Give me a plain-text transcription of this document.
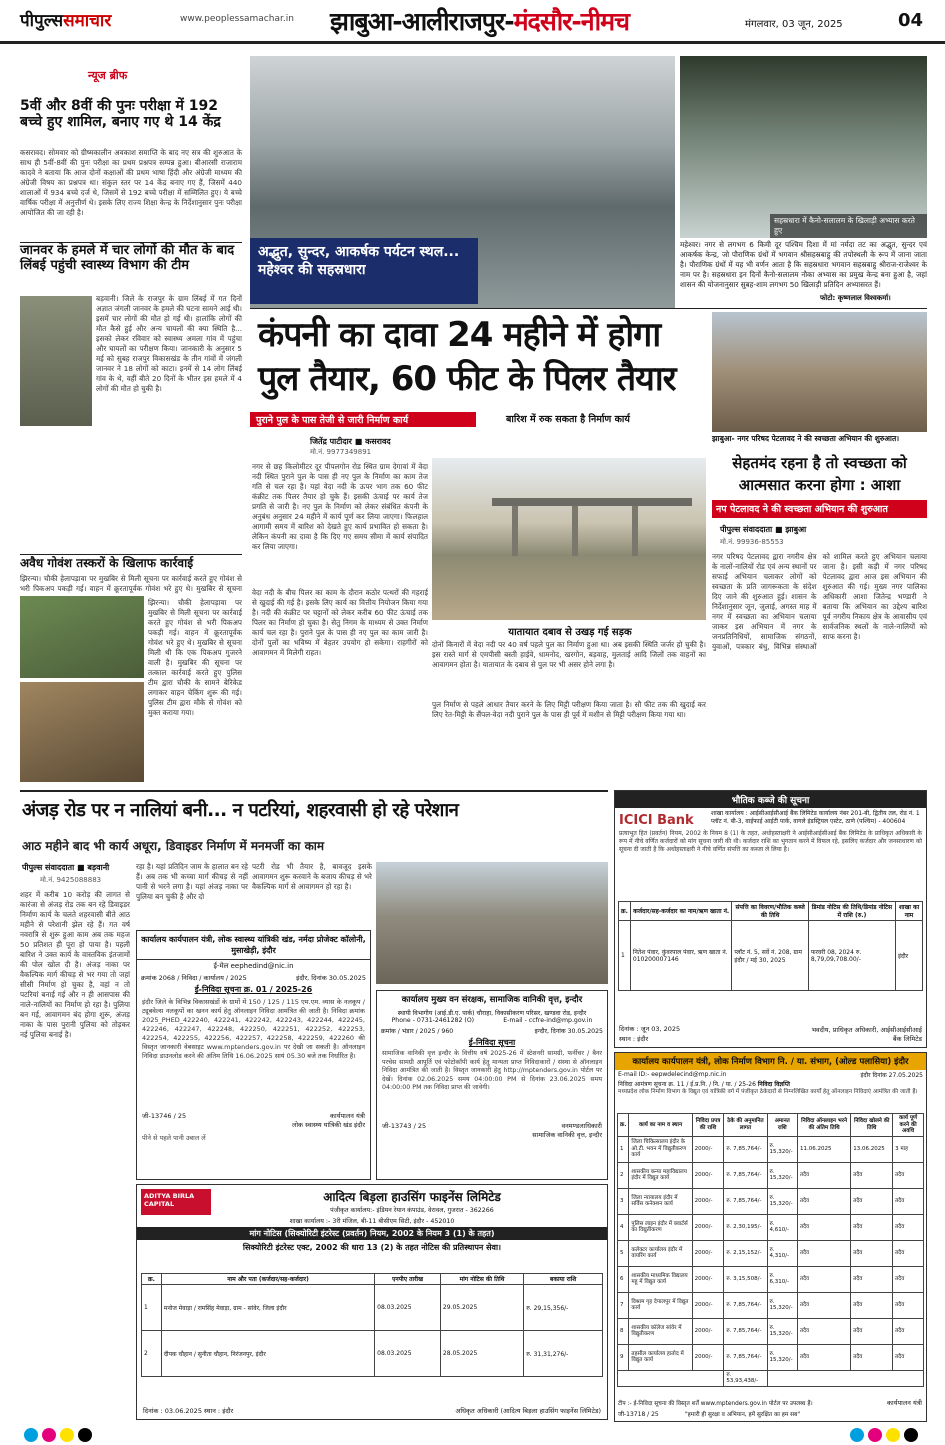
पीपुल्ससमाचार	www.peoplessamachar.in झाबुआ-आलीराजपुर-मंदसौर-नीमच	मंगलवार, 03 जून, 2025	04
न्यूज ब्रीफ
5वीं और 8वीं की पुनः परीक्षा में 192 बच्चे हुए शामिल, बनाए गए थे 14 केंद्र
कसरावद। सोमवार को ग्रीष्मकालीन अवकाश समाप्ति के बाद नए सत्र की शुरुआत के साथ ही 5वीं-8वीं की पुनः परीक्षा का प्रथम प्रश्नपत्र सम्पन्न हुआ। बीआरसी राजाराम कादवे ने बताया कि आज दोनों कक्षाओं की प्रथम भाषा हिंदी और अंग्रेजी माध्यम की अंग्रेजी विषय का प्रश्नपत्र था। संकुल स्तर पर 14 केंद्र बनाए गए हैं, जिसमें 440 शालाओं में 934 बच्चे दर्ज थे, जिसमें से 192 बच्चे परीक्षा में सम्मिलित हुए। ये बच्चे वार्षिक परीक्षा में अनुत्तीर्ण थे। इसके लिए राज्य शिक्षा केन्द्र के निर्देशानुसार पुनः परीक्षा आयोजित की जा रही है।
जानवर के हमले में चार लोगों की मौत के बाद लिंबई पहुंची स्वास्थ्य विभाग की टीम
बड़वानी। जिले के राजपुर के ग्राम लिंबई में गत दिनों अज्ञात जंगली जानवर के हमले की घटना सामने आई थी। इसमें चार लोगों की मौत हो गई थी। हालांकि लोगों की मौत कैसे हुई और अन्य चायलों की क्या स्थिति है... इसको लेकर रविवार को स्वास्थ्य अमला गांव में पहुंचा और घायलों का परीक्षण किया। जानकारी के अनुसार 5 मई को सुबह राजपुर विकासखंड के तीन गांवों में जंगली जानवर ने 18 लोगों को काटा। इनमें से 14 लोग लिंबई गांव के थे, वहीं बीते 20 दिनों के भीतर इस हमले में 4 लोगों की मौत हो चुकी है।
अवैध गोवंश तस्करों के खिलाफ कार्रवाई
झिरन्या। चौकी हेलापड़ावा पर मुखबिर से मिली सूचना पर कार्रवाई करते हुए गोवंश से भरी पिकअप पकड़ी गई। वाहन में क्रूरतापूर्वक गोवंश भरे हुए थे। मुखबिर से सूचना
झिरन्या। चौकी हेलापड़ावा पर मुखबिर से मिली सूचना पर कार्रवाई करते हुए गोवंश से भरी पिकअप पकड़ी गई। वाहन में क्रूरतापूर्वक गोवंश भरे हुए थे। मुखबिर से सूचना मिली थी कि एक पिकअप गुजरने वाली है। मुखबिर की सूचना पर तत्काल कार्रवाई करते हुए पुलिस टीम द्वारा चौकी के सामने बेरिकेड लगाकर वाहन चेकिंग शुरू की गई। पुलिस टीम द्वारा मौके से गोवंश को मुक्त कराया गया।
सहस्रधारा में कैनो-सलालम के खिलाड़ी अभ्यास करते हुए
अद्भुत, सुन्दर, आकर्षक पर्यटन स्थल... महेश्वर की सहस्रधारा
महेश्वर। नगर से लगभग 6 किमी दूर पश्चिम दिशा में मां नर्मदा तट का अद्भुत, सुन्दर एवं आकर्षक केन्द्र, जो पौराणिक ग्रंथों में भगवान श्रीसहस्रबाहु की तपोस्थली के रूप में जाना जाता है। पौराणिक ग्रंथों में यह भी वर्णन आता है कि सहस्रधारा भगवान सहस्रबाहु श्रीराज-राजेश्वर के नाम पर है। सहस्रधारा इन दिनों कैनो-सलालम नौका अभ्यास का प्रमुख केन्द्र बना हुआ है, जहां शासन की योजनानुसार सुबह-शाम लगभग 50 खिलाड़ी प्रतिदिन अभ्यासरत हैं।
फोटो: कृष्णलाल विश्वकर्मा।
कंपनी का दावा 24 महीने में होगा पुल तैयार, 60 फीट के पिलर तैयार
पुराने पुल के पास तेजी से जारी निर्माण कार्य	बारिश में रुक सकता है निर्माण कार्य
जितेंद्र पाटीदार ■ कसरावद
मो.नं. 9977349891
नगर से छह किलोमीटर दूर पीपलगोन रोड स्थित ग्राम देगावां में वेदा नदी स्थित पुराने पुल के पास ही नए पुल के निर्माण का काम तेज गति से चल रहा है। यहां वेदा नदी के ऊपर भाग तक 60 फीट कंक्रीट तक पिलर तैयार हो चुके हैं। इसकी ऊंचाई पर कार्य तेज प्रगति से जारी है। नए पुल के निर्माण को लेकर संबंधित कंपनी के अनुबंध अनुसार 24 महीने में कार्य पूर्ण कर लिया जाएगा। फिलहाल आगामी समय में बारिश को देखते हुए कार्य प्रभावित हो सकता है। लेकिन कंपनी का दावा है कि दिए गए समय सीमा में कार्य संपादित कर लिया जाएगा।
यातायात दबाव से उखड़ गई सड़क
वेदा नदी के बीच पिलर का काम के दौरान कठोर पत्थरों की गहराई से खुदाई की गई है। इसके लिए कार्य का वित्तीय नियोजन किया गया है। नदी की कंक्रीट पर चट्टानों को लेकर करीब 60 फीट ऊंचाई तक पिलर का निर्माण हो चुका है। सेतु निगम के माध्यम से उक्त निर्माण कार्य चल रहा है। पुराने पुल के पास ही नए पुल का काम जारी है। दोनों पुलों का भविष्य में बेहतर उपयोग हो सकेगा। राहगीरों को आवागमन में मिलेगी राहत।
दोनों किनारों में वेदा नदी पर 40 वर्ष पहले पुल का निर्माण हुआ था। अब इसकी स्थिति जर्जर हो चुकी है। इस रास्ते मार्ग से एमपीसी बस्ती हाईवे, धामनोद, खरगोन, बड़वाह, मुलताई आदि जिलों तक वाहनों का आवागमन होता है। यातायात के दबाव से पुल पर भी असर होने लगा है।
पुल निर्माण से पहले आधार तैयार करने के लिए मिट्टी परीक्षण किया जाता है। सौ फीट तक की खुदाई कर लिए रेत-मिट्टी के सैंपल-वेदा नदी पुराने पुल के पास ही पूर्व में मशीन से मिट्टी परीक्षण किया गया था।
झाबुआ- नगर परिषद पेटलावद ने की स्वच्छता अभियान की शुरुआत।
सेहतमंद रहना है तो स्वच्छता को आत्मसात करना होगा : आशा
नप पेटलावद ने की स्वच्छता अभियान की शुरुआत
पीपुल्स संवाददाता ■ झाबुआ
मो.नं. 99936-85553
नगर परिषद पेटलावद द्वारा नगरीय क्षेत्र के नालों-नालियों रोड एवं अन्य स्थानों पर सफाई अभियान चलाकर लोगों को स्वच्छता के प्रति जागरूकता के संदेश दिए जाने की शुरुआत हुई। शासन के निर्देशानुसार जून, जुलाई, अगस्त माह में नगर में स्वच्छता का अभियान चलाया जाकर इस अभियान में नगर के जनप्रतिनिधियों, सामाजिक संगठनों, युवाओं, पत्रकार बंधु, विभिन्न संस्थाओं को शामिल करते हुए अभियान चलाया जाना है। इसी कड़ी में नगर परिषद पेटलावद द्वारा आज इस अभियान की शुरुआत की गई। मुख्य नगर पालिका अधिकारी आशा जितेन्द्र भण्डारी ने बताया कि अभियान का उद्देश्य बारिश पूर्व नगरीय निकाय क्षेत्र के आवासीय एवं सार्वजनिक स्थलों के नाले-नालियों को साफ करना है।
अंजड़ रोड पर न नालियां बनी... न पटरियां, शहरवासी हो रहे परेशान
आठ महीने बाद भी कार्य अधूरा, डिवाइडर निर्माण में मनमर्जी का काम
पीपुल्स संवाददाता ■ बड़वानी
मो.नं. 9425088883
शहर में करीब 10 करोड़ की लागत से कारंजा से अंजड़ रोड तक बन रहे डिवाइडर निर्माण कार्य के चलते शहरवासी बीते आठ महीने से परेशानी झेल रहे हैं। गत वर्ष नवरात्रि से शुरू हुआ काम अब तक महज 50 प्रतिशत ही पूरा हो पाया है। पहली बारिश ने उक्त कार्य के वास्तविक इंतजामों की पोल खोल दी है। अंजड़ नाका पर वैकल्पिक मार्ग कीचड़ से भर गया तो जहां सीसी निर्माण हो चुका है, वहां न तो पटरियां बनाई गई और न ही आसपास की नाले-नालियों का निर्माण हो रहा है। पुलिया बन गई, आवागमन बंद होगा शुरू, अंजड़ नाका के पास पुरानी पुलिया को तोड़कर नई पुलिया बनाई है।
रहा है। यहां प्रतिदिन जाम के हालात बन रहे हैं। अब तक भी कच्चा मार्ग कीचड़ से नहीं पानी से भरने लगा है। यहां अंजड़ नाका पर पुलिया बन चुकी है और दो
पटरी रोड भी तैयार है, बावजूद इसके आवागमन शुरू करवाने के बजाय कीचड़ से भरे वैकल्पिक मार्ग से आवागमन हो रहा है।
कार्यालय कार्यपालन यंत्री, लोक स्वास्थ्य यांत्रिकी खंड, नर्मदा प्रोजेक्ट कॉलोनी, मुसाखेड़ी, इंदौर
ई-मेल eephedind@nic.in
क्रमांक 2068 / निविदा / कार्यालय / 2025	इंदौर, दिनांक 30.05.2025
ई-निविदा सूचना क्र. 01 / 2025-26
इंदौर जिले के विभिन्न विकासखंडों के ग्रामों में 150 / 125 / 115 एम.एम. व्यास के नलकूप / ट्यूबवेल्स नलकूपों का खनन कार्य हेतु ऑनलाइन निविदा आमंत्रित की जाती है। निविदा क्रमांक 2025_PHED_422240, 422241, 422242, 422243, 422244, 422245, 422246, 422247, 422248, 422250, 422251, 422252, 422253, 422254, 422255, 422256, 422257, 422258, 422259, 422260 की विस्तृत जानकारी वेबसाइट www.mptenders.gov.in पर देखी जा सकती है। ऑनलाइन निविदा डाउनलोड करने की अंतिम तिथि 16.06.2025 सायं 05.30 बजे तक निर्धारित है।
जी-13746 / 25	कार्यपालन यंत्री
लोक स्वास्थ्य यांत्रिकी खंड इंदौर
पीने से पहले पानी उबाल लें
कार्यालय मुख्य वन संरक्षक, सामाजिक वानिकी वृत्त, इन्दौर
स्थायी विभागीय (आई.डी.ए. पार्क) चौराहा, विकासीकरण परिसर, खण्डवा रोड, इन्दौर
Phone - 0731-2461282 (O)	E-mail - ccfre-ind@mp.gov.in
क्रमांक / भंडार / 2025 / 960	इन्दौर, दिनांक 30.05.2025
ई-निविदा सूचना
सामाजिक वानिकी वृत्त इन्दौर के वित्तीय वर्ष 2025-26 में स्टेशनरी सामग्री, फर्नीचर / बैनर परचेस सामग्री आपूर्ति एवं फोटोकॉपी कार्य हेतु मान्यता प्राप्त निविदाकारों / संस्था से ऑनलाइन निविदा आमंत्रित की जाती है। विस्तृत जानकारी हेतु http://mptenders.gov.in पोर्टल पर देखें। दिनांक 02.06.2025 समय 04:00:00 PM से दिनांक 23.06.2025 समय 04:00:00 PM तक निविदा प्राप्त की जावेगी।
जी-13743 / 25	वनमण्डलाधिकारी
सामाजिक वानिकी वृत्त, इन्दौर
ADITYA BIRLA CAPITAL	आदित्य बिड़ला हाउसिंग फाइनेंस लिमिटेड
पंजीकृत कार्यालय:- इंडियन रेयान कंपाउंड, वेरावल, गुजरात - 362266
शाखा कार्यालय :- 3री मंजिल, बी-11 बीसीएम सिटी, इंदौर - 452010
मांग नोटिस (सिक्योरिटी इंटरेस्ट (प्रवर्तन) नियम, 2002 के नियम 3 (1) के तहत)
सिक्योरिटी इंटरेस्ट एक्ट, 2002 की धारा 13 (2) के तहत नोटिस की प्रतिस्थापन सेवा।
क्र.	नाम और पता (कर्जदार/सह-कर्जदार)	एनपीए तारीख	मांग नोटिस की तिथि	बकाया राशि
1	मनोज मेवाड़ा / रामसिंह मेवाड़ा, ग्राम - सांवेर, जिला इंदौर	08.03.2025	29.05.2025	रु. 29,15,356/-
2	दीपक चौहान / सुनीता चौहान, निरंजनपुर, इंदौर	08.03.2025	28.05.2025	रु. 31,31,276/-
दिनांक : 03.06.2025 स्थान : इंदौर	अधिकृत अधिकारी (आदित्य बिड़ला हाउसिंग फाइनेंस लिमिटेड)
भौतिक कब्जे की सूचना
ICICI Bank	शाखा कार्यालय : आईसीआईसीआई बैंक लिमिटेड कार्यालय नंबर 201-बी, द्वितीय तल, रोड नं. 1 प्लॉट नं. बी-3, वाईफाई आईटी पार्क, वागले इंडस्ट्रियल एस्टेट, ठाणे (पश्चिम) - 400604
प्रत्याभूत हित (प्रवर्तन) नियम, 2002 के नियम 8 (1) के तहत, अधोहस्ताक्षरी ने आईसीआईसीआई बैंक लिमिटेड के प्राधिकृत अधिकारी के रूप में नीचे वर्णित कर्जदारों को मांग सूचना जारी की थी। कर्जदार राशि का भुगतान करने में विफल रहे, इसलिए कर्जदार और जनसाधारण को सूचना दी जाती है कि अधोहस्ताक्षरी ने नीचे वर्णित संपत्ति का कब्जा ले लिया है।
क्र.	कर्जदार/सह-कर्जदार का नाम/ऋण खाता नं.	संपत्ति का विवरण/भौतिक कब्जे की तिथि	डिमांड नोटिस की तिथि/डिमांड नोटिस में राशि (रु.)	शाखा का नाम
1	नितेश पंवार, कुंवरपाल पंवार, ऋण खाता नं. 010200007146	प्लॉट नं. 5, सर्वे नं. 208, ग्राम इंदौर / मई 30, 2025	फरवरी 08, 2024 रु. 8,79,09,708.00/-	इंदौर
दिनांक : जून 03, 2025
स्थान : इंदौर
भवदीय, प्राधिकृत अधिकारी, आईसीआईसीआई बैंक लिमिटेड
कार्यालय कार्यपालन यंत्री, लोक निर्माण विभाग नि. / या. संभाग, (ओल्ड पलासिया) इंदौर
E-mail ID:- eepwdelecind@mp.nic.in	इंदौर दिनांक 27.05.2025
निविदा आमंत्रण सूचना क्र. 11 / ई.प्र.नि. / नि. / या. / 25-26 निविदा विज्ञप्ति
मध्यप्रदेश लोक निर्माण विभाग के विद्युत एवं यांत्रिकी वर्ग में पंजीकृत ठेकेदारों से निम्नलिखित कार्यों हेतु ऑनलाइन निविदाएं आमंत्रित की जाती हैं।
क्र.	कार्य का नाम व स्थान	निविदा प्रपत्र की राशि	ठेके की अनुमानित लागत	अमानत राशि	निविदा ऑनलाइन भरने की अंतिम तिथि	निविदा खोलने की तिथि	कार्य पूर्ण करने की अवधि
1	जिला चिकित्सालय इंदौर के ओ.टी. भवन में विद्युतीकरण कार्य	2000/-	रु. 7,85,764/-	रु. 15,320/-	11.06.2025	13.06.2025	3 माह
2	शासकीय कन्या महाविद्यालय इंदौर में विद्युत कार्य	2000/-	रु. 7,85,764/-	रु. 15,320/-	तदैव	तदैव	तदैव
3	जिला न्यायालय इंदौर में सर्विस कनेक्शन कार्य	2000/-	रु. 7,85,764/-	रु. 15,320/-	तदैव	तदैव	तदैव
4	पुलिस लाइन इंदौर में क्वार्टर्स का विद्युतीकरण	2000/-	रु. 2,30,195/-	रु. 4,610/-	तदैव	तदैव	तदैव
5	कलेक्टर कार्यालय इंदौर में वायरिंग कार्य	2000/-	रु. 2,15,152/-	रु. 4,310/-	तदैव	तदैव	तदैव
6	शासकीय माध्यमिक विद्यालय महू में विद्युत कार्य	2000/-	रु. 3,15,508/-	रु. 6,310/-	तदैव	तदैव	तदैव
7	विश्राम गृह देपालपुर में विद्युत कार्य	2000/-	रु. 7,85,764/-	रु. 15,320/-	तदैव	तदैव	तदैव
8	शासकीय कॉलेज सांवेर में विद्युतीकरण	2000/-	रु. 7,85,764/-	रु. 15,320/-	तदैव	तदैव	तदैव
9	तहसील कार्यालय हातोद में विद्युत कार्य	2000/-	रु. 7,85,764/-	रु. 15,320/-	तदैव	तदैव	तदैव
			रु. 53,93,438/-				
टीप :- ई-निविदा सूचना की विस्तृत शर्तें www.mptenders.gov.in पोर्टल पर उपलब्ध हैं।
जी-13718 / 25	"हमारी ही सुरक्षा व अभियान, हमें सुरक्षित का हम सब"
कार्यपालन यंत्री
